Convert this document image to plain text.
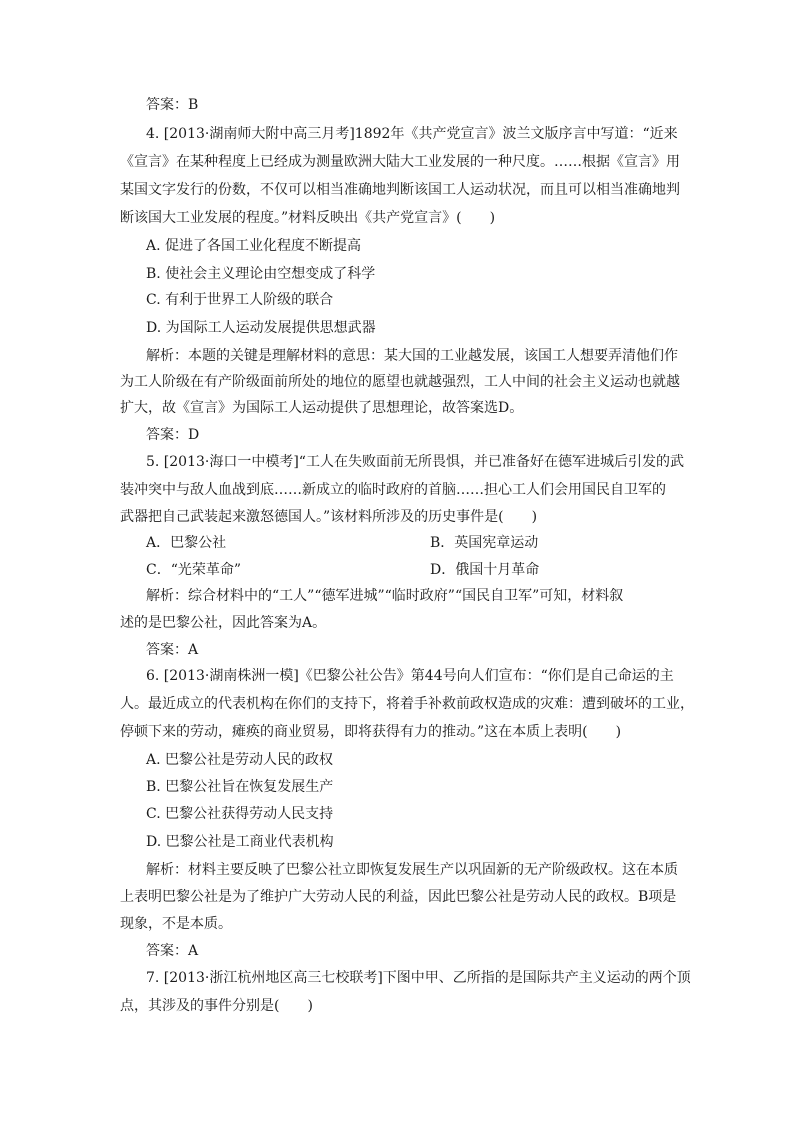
答案：B
4. [2013·湖南师大附中高三月考]1892年《共产党宣言》波兰文版序言中写道：“近来
《宣言》在某种程度上已经成为测量欧洲大陆大工业发展的一种尺度。……根据《宣言》用
某国文字发行的份数，不仅可以相当准确地判断该国工人运动状况，而且可以相当准确地判
断该国大工业发展的程度。”材料反映出《共产党宣言》(　　)
A. 促进了各国工业化程度不断提高
B. 使社会主义理论由空想变成了科学
C. 有利于世界工人阶级的联合
D. 为国际工人运动发展提供思想武器
解析：本题的关键是理解材料的意思：某大国的工业越发展，该国工人想要弄清他们作
为工人阶级在有产阶级面前所处的地位的愿望也就越强烈，工人中间的社会主义运动也就越
扩大，故《宣言》为国际工人运动提供了思想理论，故答案选D。
答案：D
5. [2013·海口一中模考]“工人在失败面前无所畏惧，并已准备好在德军进城后引发的武
装冲突中与敌人血战到底……新成立的临时政府的首脑……担心工人们会用国民自卫军的
武器把自己武装起来激怒德国人。”该材料所涉及的历史事件是(　　)
A．巴黎公社	B．英国宪章运动
C．“光荣革命”	D．俄国十月革命
解析：综合材料中的“工人”“德军进城”“临时政府”“国民自卫军”可知，材料叙
述的是巴黎公社，因此答案为A。
答案：A
6. [2013·湖南株洲一模]《巴黎公社公告》第44号向人们宣布：“你们是自己命运的主
人。最近成立的代表机构在你们的支持下，将着手补救前政权造成的灾难：遭到破坏的工业，
停顿下来的劳动，瘫痪的商业贸易，即将获得有力的推动。”这在本质上表明(　　)
A. 巴黎公社是劳动人民的政权
B. 巴黎公社旨在恢复发展生产
C. 巴黎公社获得劳动人民支持
D. 巴黎公社是工商业代表机构
解析：材料主要反映了巴黎公社立即恢复发展生产以巩固新的无产阶级政权。这在本质
上表明巴黎公社是为了维护广大劳动人民的利益，因此巴黎公社是劳动人民的政权。B项是
现象，不是本质。
答案：A
7. [2013·浙江杭州地区高三七校联考]下图中甲、乙所指的是国际共产主义运动的两个顶
点，其涉及的事件分别是(　　)
